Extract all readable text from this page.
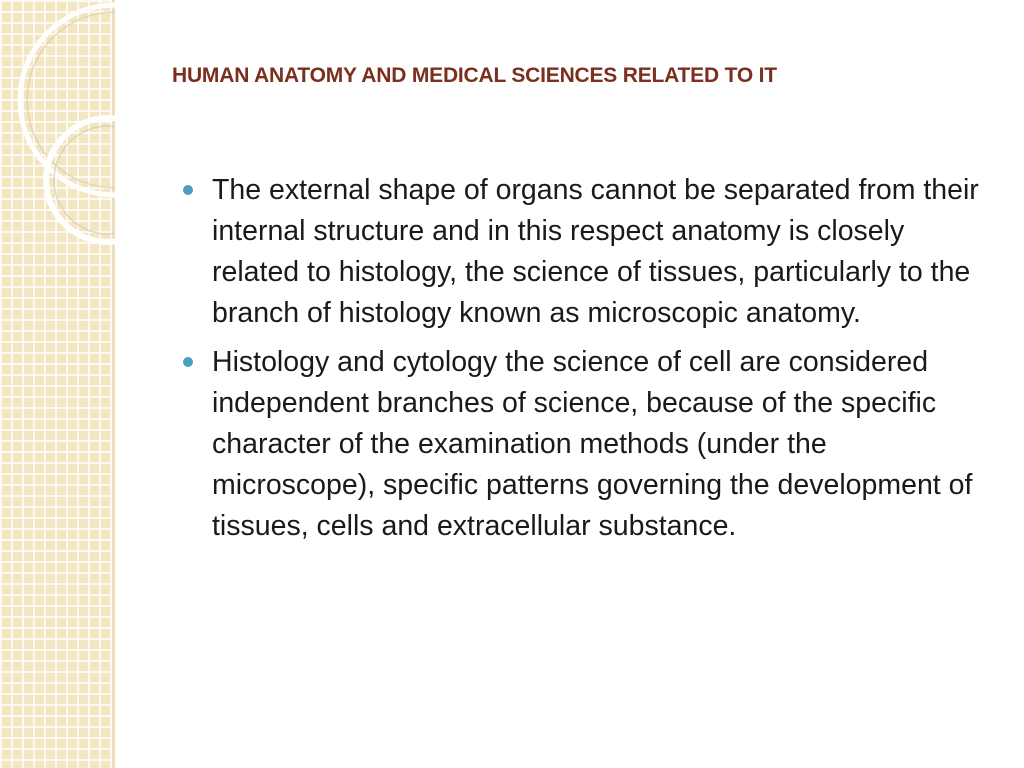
HUMAN ANATOMY AND MEDICAL SCIENCES RELATED TO IT
The external shape of organs cannot be separated from their internal structure and in this respect anatomy is closely related to histology, the science of tissues, particularly to the branch of histology known as microscopic anatomy.
Histology and cytology the science of cell are considered independent branches of science, because of the specific character of the examination methods (under the microscope), specific patterns governing the development of tissues, cells and extracellular substance.
